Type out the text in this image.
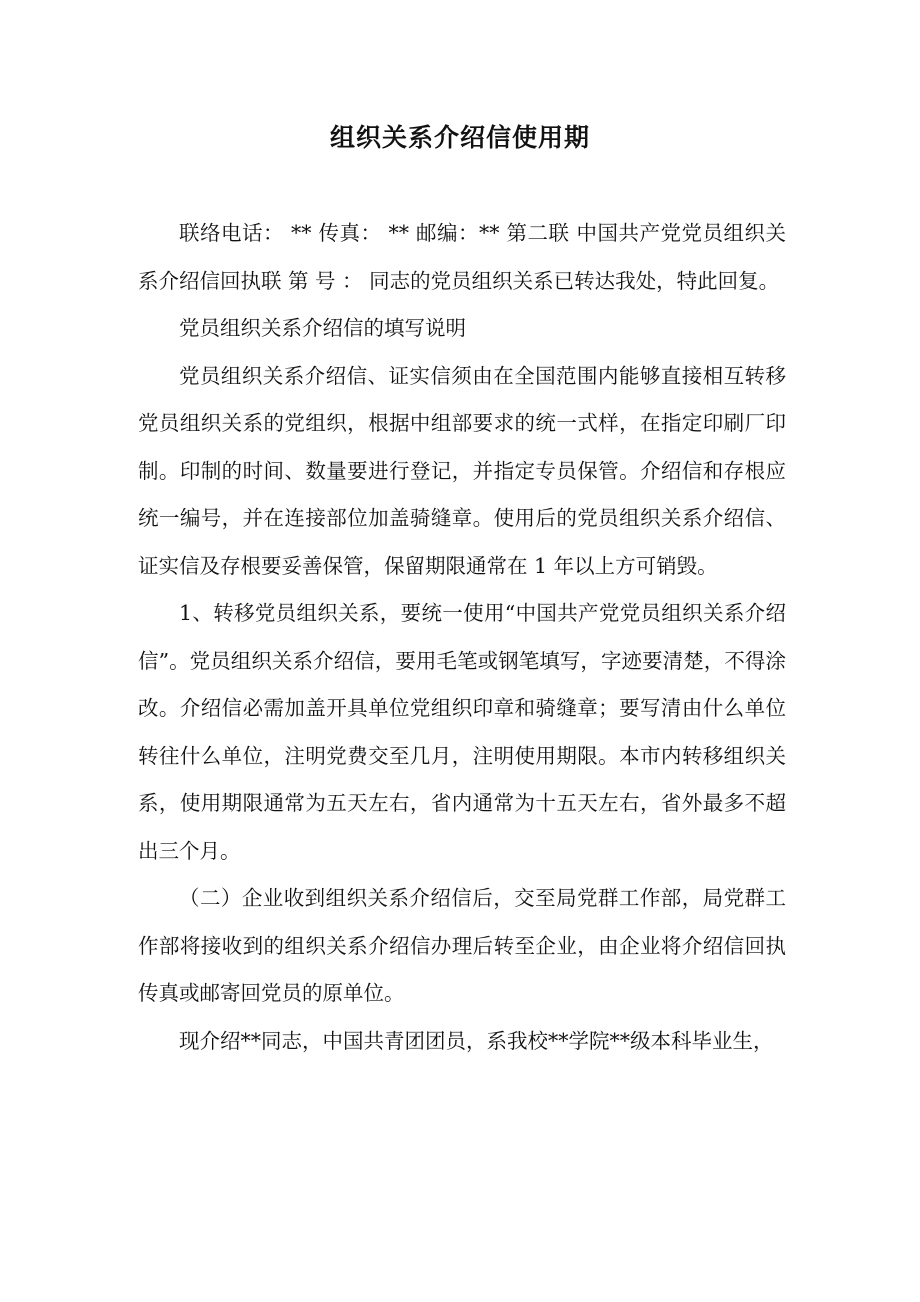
组织关系介绍信使用期

联络电话： ** 传真： ** 邮编：** 第二联 中国共产党党员组织关系介绍信回执联 第 号 ： 同志的党员组织关系已转达我处，特此回复。

党员组织关系介绍信的填写说明

党员组织关系介绍信、证实信须由在全国范围内能够直接相互转移党员组织关系的党组织，根据中组部要求的统一式样，在指定印刷厂印制。印制的时间、数量要进行登记，并指定专员保管。介绍信和存根应统一编号，并在连接部位加盖骑缝章。使用后的党员组织关系介绍信、证实信及存根要妥善保管，保留期限通常在 1 年以上方可销毁。

1、转移党员组织关系，要统一使用“中国共产党党员组织关系介绍信”。党员组织关系介绍信，要用毛笔或钢笔填写，字迹要清楚，不得涂改。介绍信必需加盖开具单位党组织印章和骑缝章；要写清由什么单位转往什么单位，注明党费交至几月，注明使用期限。本市内转移组织关系，使用期限通常为五天左右，省内通常为十五天左右，省外最多不超出三个月。

（二）企业收到组织关系介绍信后，交至局党群工作部，局党群工作部将接收到的组织关系介绍信办理后转至企业，由企业将介绍信回执传真或邮寄回党员的原单位。

现介绍**同志，中国共青团团员，系我校**学院**级本科毕业生，
